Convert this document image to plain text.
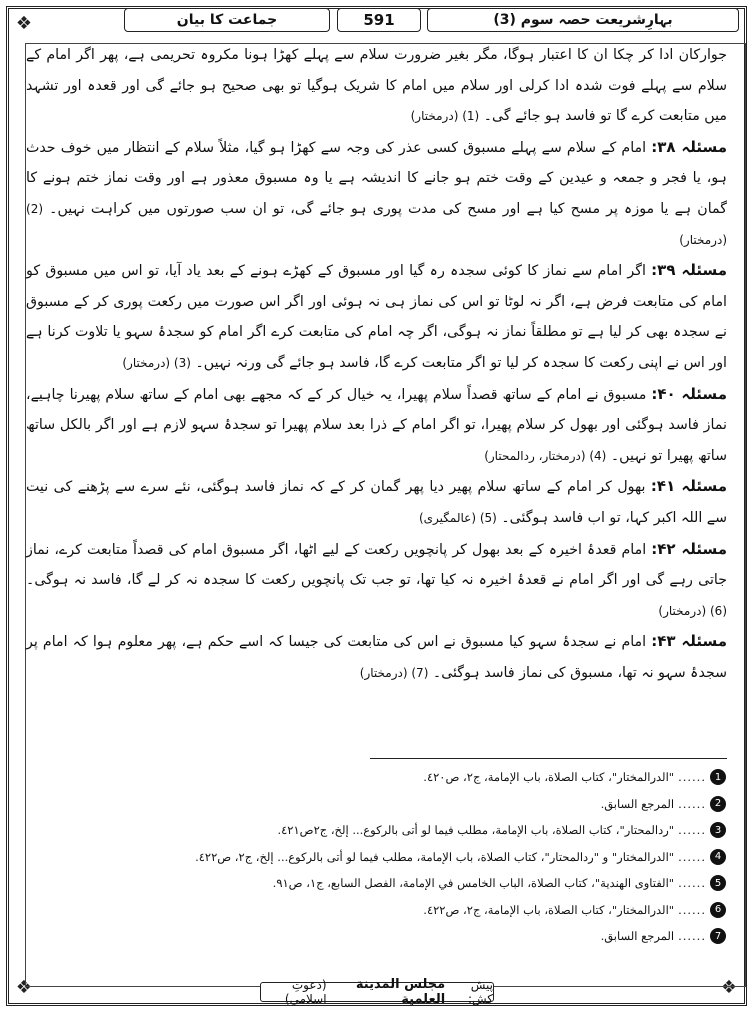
❖
❖	❖
بہارِشریعت حصہ سوم (3)
591
جماعت کا بیان

جوارکان ادا کر چکا ان کا اعتبار ہوگا، مگر بغیر ضرورت سلام سے پہلے کھڑا ہونا مکروہ تحریمی ہے، پھر اگر امام کے سلام سے پہلے فوت شدہ ادا کرلی اور سلام میں امام کا شریک ہوگیا تو بھی صحیح ہو جائے گی اور قعدہ اور تشہد میں متابعت کرے گا تو فاسد ہو جائے گی۔ (1) (درمختار)

مسئلہ ۳۸: امام کے سلام سے پہلے مسبوق کسی عذر کی وجہ سے کھڑا ہو گیا، مثلاً سلام کے انتظار میں خوف حدث ہو، یا فجر و جمعہ و عیدین کے وقت ختم ہو جانے کا اندیشہ ہے یا وہ مسبوق معذور ہے اور وقت نماز ختم ہونے کا گمان ہے یا موزہ پر مسح کیا ہے اور مسح کی مدت پوری ہو جائے گی، تو ان سب صورتوں میں کراہت نہیں۔ (2) (درمختار)

مسئلہ ۳۹: اگر امام سے نماز کا کوئی سجدہ رہ گیا اور مسبوق کے کھڑے ہونے کے بعد یاد آیا، تو اس میں مسبوق کو امام کی متابعت فرض ہے، اگر نہ لوٹا تو اس کی نماز ہی نہ ہوئی اور اگر اس صورت میں رکعت پوری کر کے مسبوق نے سجدہ بھی کر لیا ہے تو مطلقاً نماز نہ ہوگی، اگر چہ امام کی متابعت کرے اگر امام کو سجدۂ سہو یا تلاوت کرنا ہے اور اس نے اپنی رکعت کا سجدہ کر لیا تو اگر متابعت کرے گا، فاسد ہو جائے گی ورنہ نہیں۔ (3) (درمختار)

مسئلہ ۴۰: مسبوق نے امام کے ساتھ قصداً سلام پھیرا، یہ خیال کر کے کہ مجھے بھی امام کے ساتھ سلام پھیرنا چاہیے، نماز فاسد ہوگئی اور بھول کر سلام پھیرا، تو اگر امام کے ذرا بعد سلام پھیرا تو سجدۂ سہو لازم ہے اور اگر بالکل ساتھ ساتھ پھیرا تو نہیں۔ (4) (درمختار، ردالمحتار)

مسئلہ ۴۱: بھول کر امام کے ساتھ سلام پھیر دیا پھر گمان کر کے کہ نماز فاسد ہوگئی، نئے سرے سے پڑھنے کی نیت سے اللہ اکبر کہا، تو اب فاسد ہوگئی۔ (5) (عالمگیری)

مسئلہ ۴۲: امام قعدۂ اخیرہ کے بعد بھول کر پانچویں رکعت کے لیے اٹھا، اگر مسبوق امام کی قصداً متابعت کرے، نماز جاتی رہے گی اور اگر امام نے قعدۂ اخیرہ نہ کیا تھا، تو جب تک پانچویں رکعت کا سجدہ نہ کر لے گا، فاسد نہ ہوگی۔ (6) (درمختار)

مسئلہ ۴۳: امام نے سجدۂ سہو کیا مسبوق نے اس کی متابعت کی جیسا کہ اسے حکم ہے، پھر معلوم ہوا کہ امام پر سجدۂ سہو نہ تھا، مسبوق کی نماز فاسد ہوگئی۔ (7) (درمختار)

1
......
"الدرالمختار"، كتاب الصلاة، باب الإمامة، ج٢، ص٤٢٠.
2
......
المرجع السابق.
3
......
"ردالمحتار"، كتاب الصلاة، باب الإمامة، مطلب فيما لو أتى بالركوع... إلخ، ج٢ص٤٢١.
4
......
"الدرالمختار" و "ردالمحتار"، كتاب الصلاة، باب الإمامة، مطلب فيما لو أتى بالركوع... إلخ، ج٢، ص٤٢٢.
5
......
"الفتاوى الهندية"، كتاب الصلاة، الباب الخامس في الإمامة، الفصل السابع، ج١، ص٩١.
6
......
"الدرالمختار"، كتاب الصلاة، باب الإمامة، ج٢، ص٤٢٢.
7
......
المرجع السابق.
پیش کش:
مجلس المدينة العلمية
(دعوتِ اسلامی)
